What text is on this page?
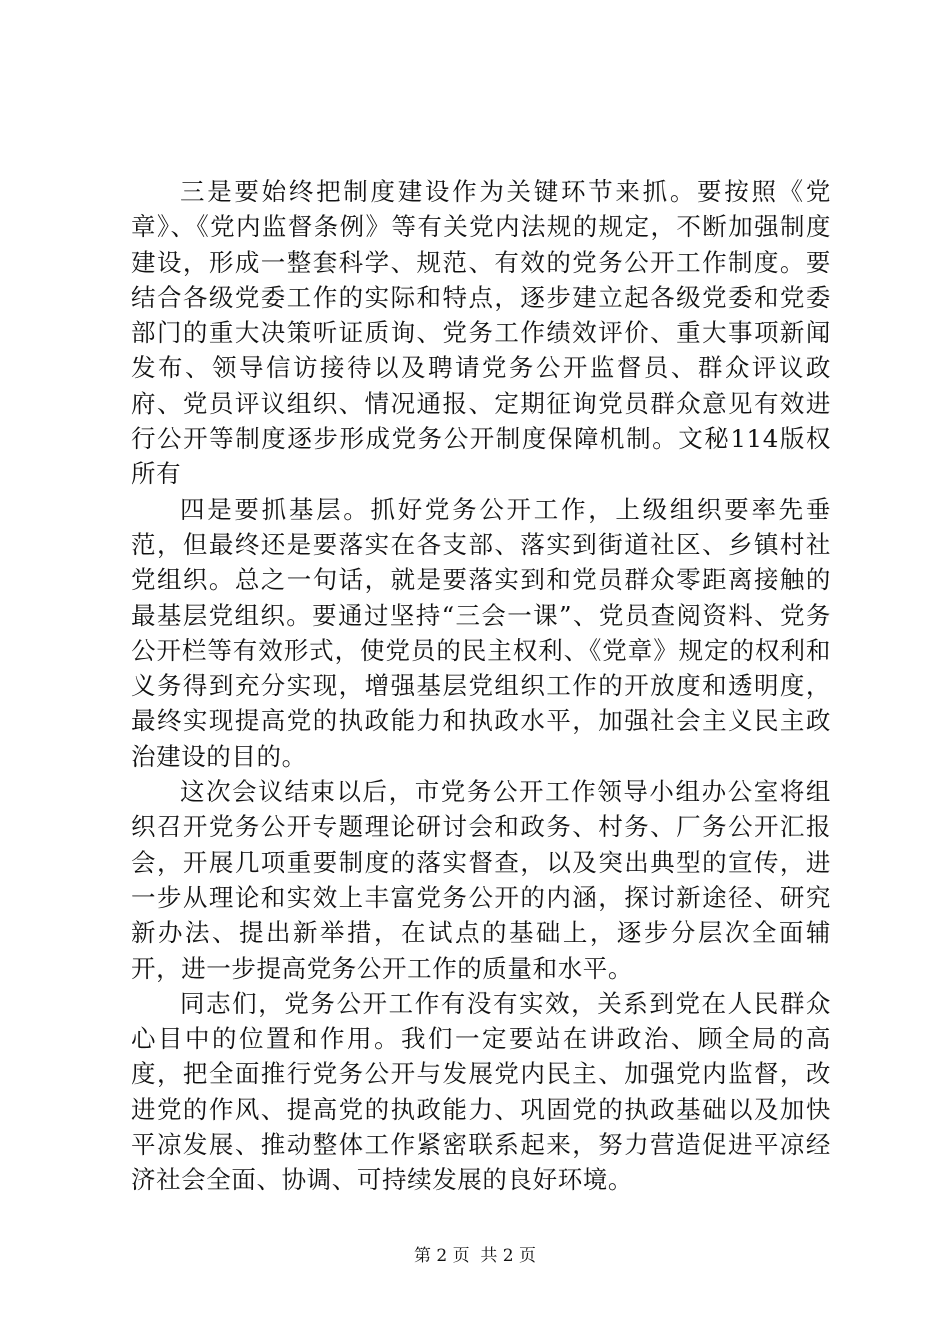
三是要始终把制度建设作为关键环节来抓。要按照《党章》、《党内监督条例》等有关党内法规的规定，不断加强制度建设，形成一整套科学、规范、有效的党务公开工作制度。要结合各级党委工作的实际和特点，逐步建立起各级党委和党委部门的重大决策听证质询、党务工作绩效评价、重大事项新闻发布、领导信访接待以及聘请党务公开监督员、群众评议政府、党员评议组织、情况通报、定期征询党员群众意见有效进行公开等制度逐步形成党务公开制度保障机制。文秘114版权所有

四是要抓基层。抓好党务公开工作，上级组织要率先垂范，但最终还是要落实在各支部、落实到街道社区、乡镇村社党组织。总之一句话，就是要落实到和党员群众零距离接触的最基层党组织。要通过坚持“三会一课”、党员查阅资料、党务公开栏等有效形式，使党员的民主权利、《党章》规定的权利和义务得到充分实现，增强基层党组织工作的开放度和透明度，最终实现提高党的执政能力和执政水平，加强社会主义民主政治建设的目的。

这次会议结束以后，市党务公开工作领导小组办公室将组织召开党务公开专题理论研讨会和政务、村务、厂务公开汇报会，开展几项重要制度的落实督查，以及突出典型的宣传，进一步从理论和实效上丰富党务公开的内涵，探讨新途径、研究新办法、提出新举措，在试点的基础上，逐步分层次全面辅开，进一步提高党务公开工作的质量和水平。

同志们，党务公开工作有没有实效，关系到党在人民群众心目中的位置和作用。我们一定要站在讲政治、顾全局的高度，把全面推行党务公开与发展党内民主、加强党内监督，改进党的作风、提高党的执政能力、巩固党的执政基础以及加快平凉发展、推动整体工作紧密联系起来，努力营造促进平凉经济社会全面、协调、可持续发展的良好环境。

第 2 页  共 2 页
